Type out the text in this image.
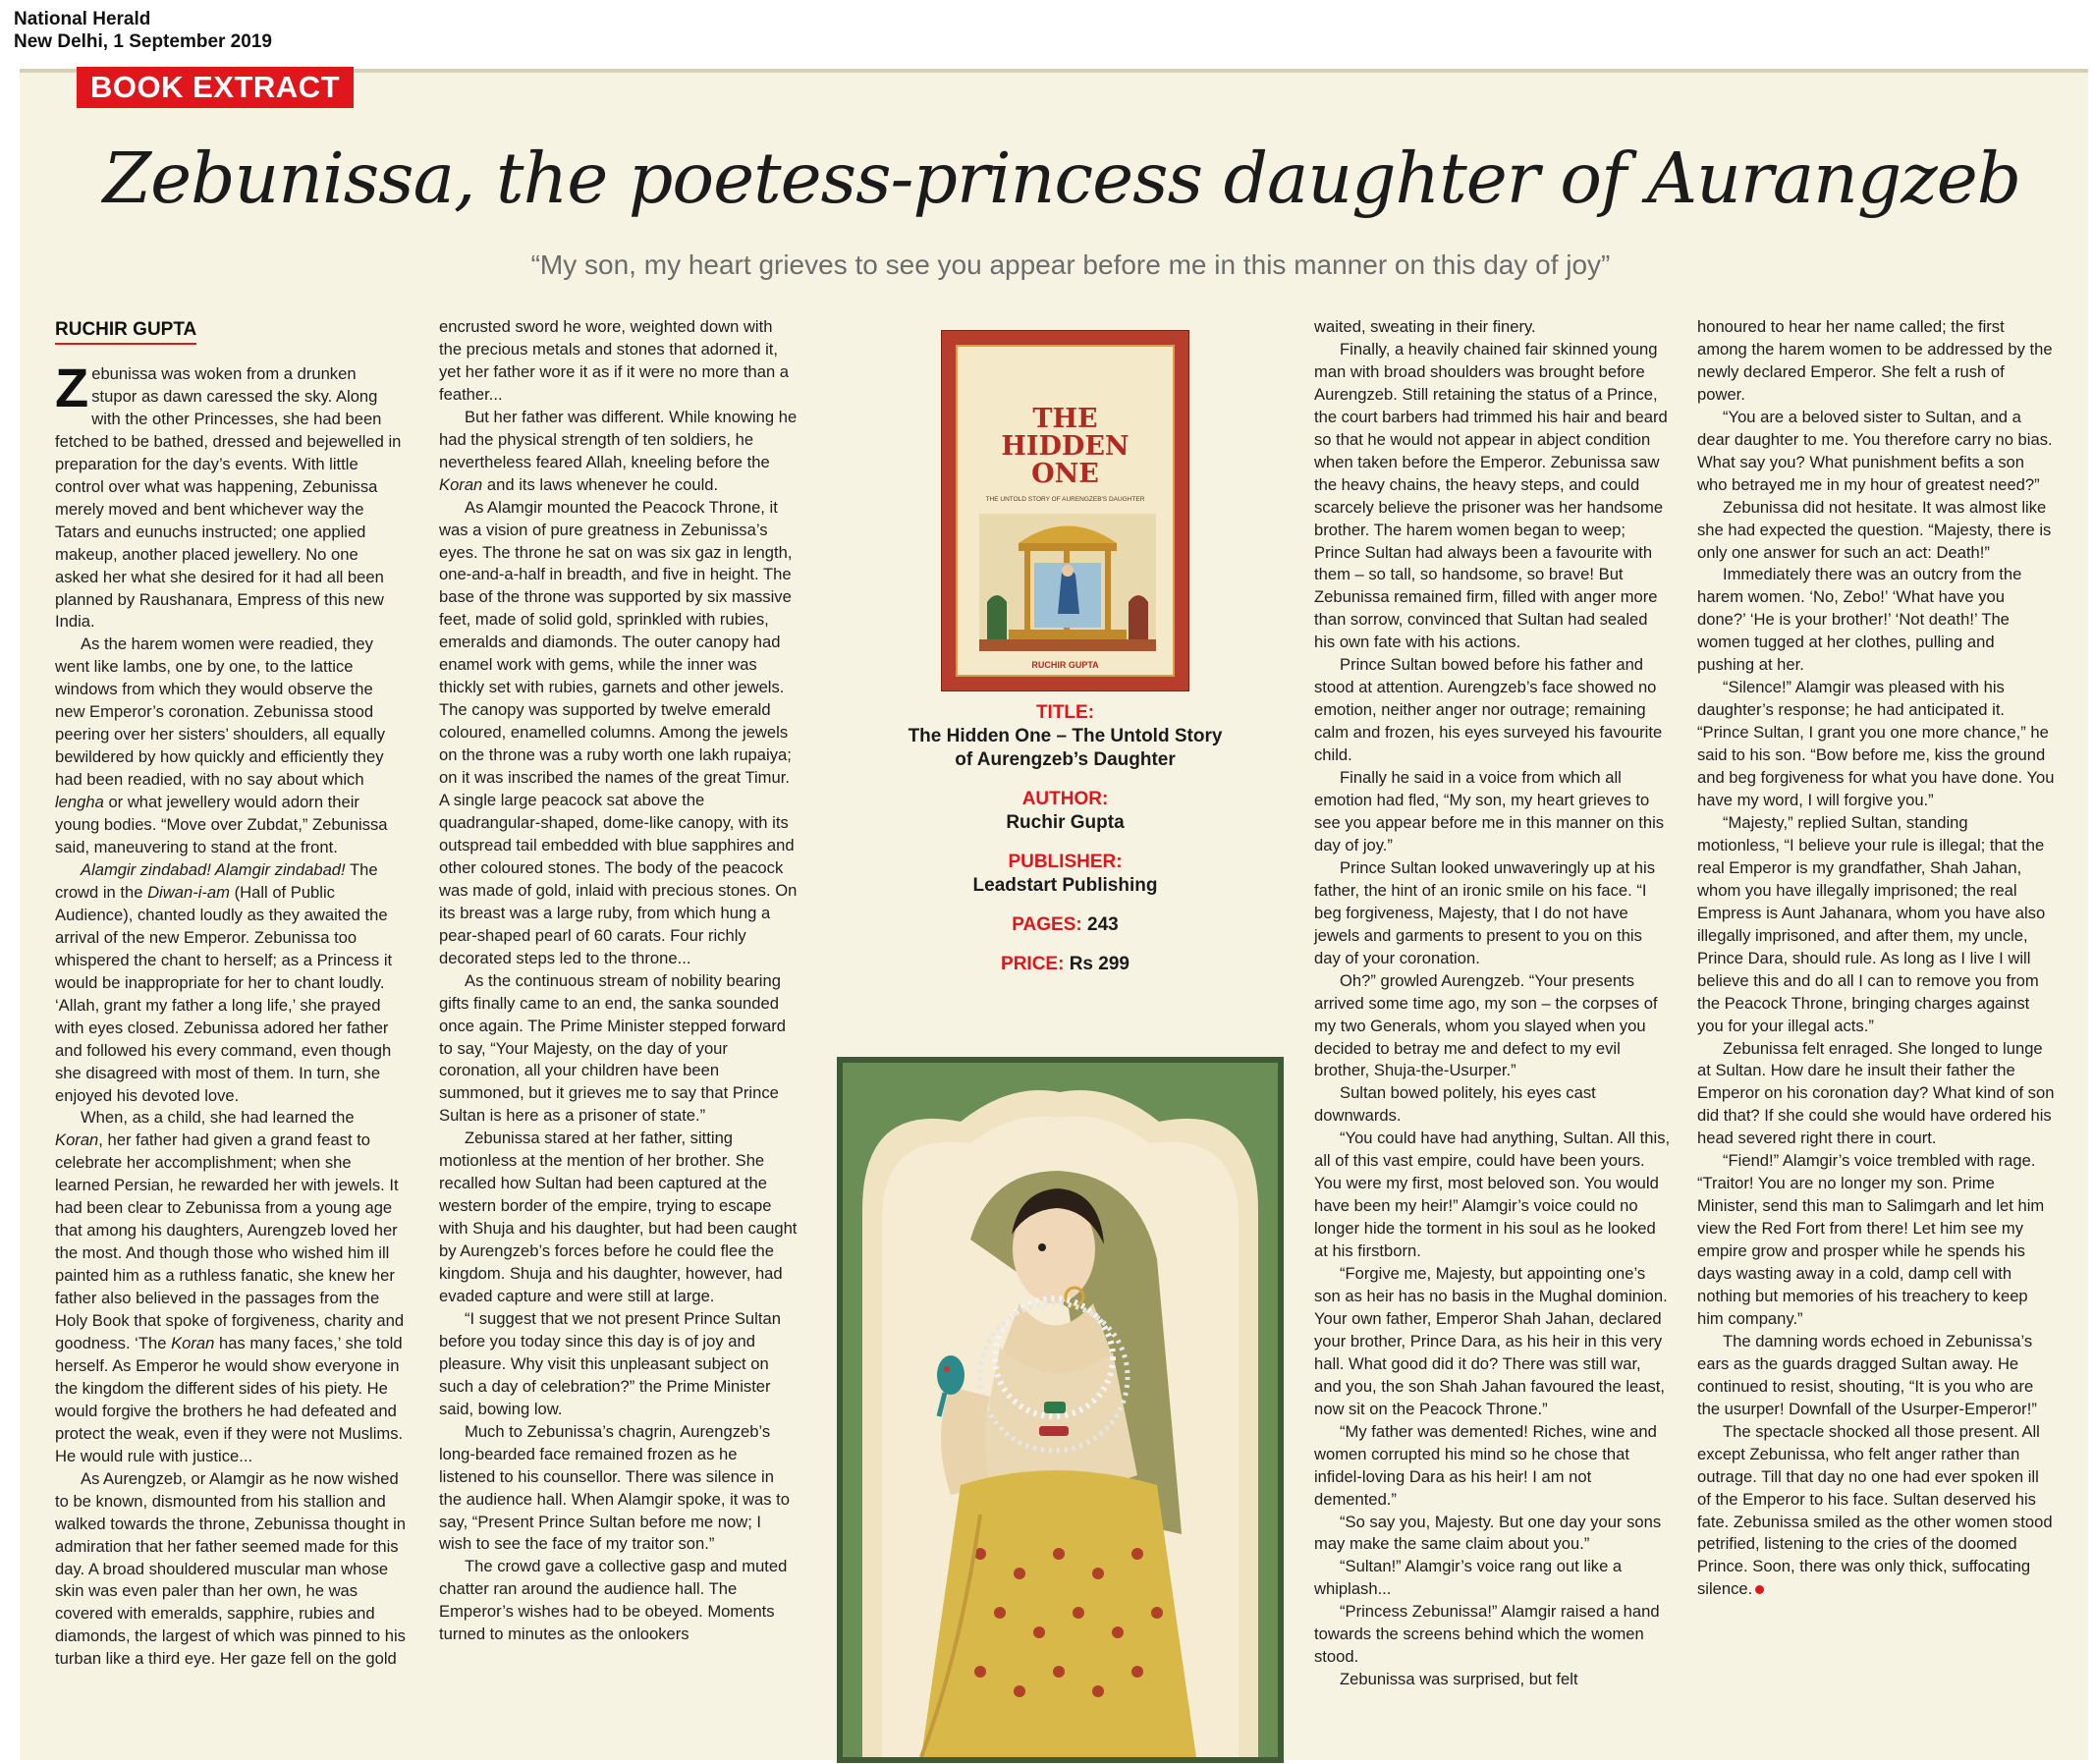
National Herald
New Delhi, 1 September 2019
BOOK EXTRACT
Zebunissa, the poetess-princess daughter of Aurangzeb
“My son, my heart grieves to see you appear before me in this manner on this day of joy”
RUCHIR GUPTA

Zebunissa was woken from a drunken stupor as dawn caressed the sky. Along with the other Princesses, she had been fetched to be bathed, dressed and bejewelled in preparation for the day’s events. With little control over what was happening, Zebunissa merely moved and bent whichever way the Tatars and eunuchs instructed; one applied makeup, another placed jewellery. No one asked her what she desired for it had all been planned by Raushanara, Empress of this new India.

As the harem women were readied, they went like lambs, one by one, to the lattice windows from which they would observe the new Emperor’s coronation. Zebunissa stood peering over her sisters’ shoulders, all equally bewildered by how quickly and efficiently they had been readied, with no say about which lengha or what jewellery would adorn their young bodies. “Move over Zubdat,” Zebunissa said, maneuvering to stand at the front.

Alamgir zindabad! Alamgir zindabad! The crowd in the Diwan-i-am (Hall of Public Audience), chanted loudly as they awaited the arrival of the new Emperor. Zebunissa too whispered the chant to herself; as a Princess it would be inappropriate for her to chant loudly. ‘Allah, grant my father a long life,’ she prayed with eyes closed. Zebunissa adored her father and followed his every command, even though she disagreed with most of them. In turn, she enjoyed his devoted love.

When, as a child, she had learned the Koran, her father had given a grand feast to celebrate her accomplishment; when she learned Persian, he rewarded her with jewels. It had been clear to Zebunissa from a young age that among his daughters, Aurengzeb loved her the most. And though those who wished him ill painted him as a ruthless fanatic, she knew her father also believed in the passages from the Holy Book that spoke of forgiveness, charity and goodness. ‘The Koran has many faces,’ she told herself. As Emperor he would show everyone in the kingdom the different sides of his piety. He would forgive the brothers he had defeated and protect the weak, even if they were not Muslims. He would rule with justice...

As Aurengzeb, or Alamgir as he now wished to be known, dismounted from his stallion and walked towards the throne, Zebunissa thought in admiration that her father seemed made for this day. A broad shouldered muscular man whose skin was even paler than her own, he was covered with emeralds, sapphire, rubies and diamonds, the largest of which was pinned to his turban like a third eye. Her gaze fell on the gold

encrusted sword he wore, weighted down with the precious metals and stones that adorned it, yet her father wore it as if it were no more than a feather...

But her father was different. While knowing he had the physical strength of ten soldiers, he nevertheless feared Allah, kneeling before the Koran and its laws whenever he could.

As Alamgir mounted the Peacock Throne, it was a vision of pure greatness in Zebunissa’s eyes. The throne he sat on was six gaz in length, one-and-a-half in breadth, and five in height. The base of the throne was supported by six massive feet, made of solid gold, sprinkled with rubies, emeralds and diamonds. The outer canopy had enamel work with gems, while the inner was thickly set with rubies, garnets and other jewels. The canopy was supported by twelve emerald coloured, enamelled columns. Among the jewels on the throne was a ruby worth one lakh rupaiya; on it was inscribed the names of the great Timur. A single large peacock sat above the quadrangular-shaped, dome-like canopy, with its outspread tail embedded with blue sapphires and other coloured stones. The body of the peacock was made of gold, inlaid with precious stones. On its breast was a large ruby, from which hung a pear-shaped pearl of 60 carats. Four richly decorated steps led to the throne...

As the continuous stream of nobility bearing gifts finally came to an end, the sanka sounded once again. The Prime Minister stepped forward to say, “Your Majesty, on the day of your coronation, all your children have been summoned, but it grieves me to say that Prince Sultan is here as a prisoner of state.”

Zebunissa stared at her father, sitting motionless at the mention of her brother. She recalled how Sultan had been captured at the western border of the empire, trying to escape with Shuja and his daughter, but had been caught by Aurengzeb’s forces before he could flee the kingdom. Shuja and his daughter, however, had evaded capture and were still at large.

“I suggest that we not present Prince Sultan before you today since this day is of joy and pleasure. Why visit this unpleasant subject on such a day of celebration?” the Prime Minister said, bowing low.

Much to Zebunissa’s chagrin, Aurengzeb’s long-bearded face remained frozen as he listened to his counsellor. There was silence in the audience hall. When Alamgir spoke, it was to say, “Present Prince Sultan before me now; I wish to see the face of my traitor son.”

The crowd gave a collective gasp and muted chatter ran around the audience hall. The Emperor’s wishes had to be obeyed. Moments turned to minutes as the onlookers

THE
HIDDEN
ONE
THE UNTOLD STORY OF AURENGZEB'S DAUGHTER
RUCHIR GUPTA
TITLE:
The Hidden One – The Untold Story of Aurengzeb’s Daughter
AUTHOR:
Ruchir Gupta
PUBLISHER:
Leadstart Publishing
PAGES: 243
PRICE: Rs 299

waited, sweating in their finery.

Finally, a heavily chained fair skinned young man with broad shoulders was brought before Aurengzeb. Still retaining the status of a Prince, the court barbers had trimmed his hair and beard so that he would not appear in abject condition when taken before the Emperor. Zebunissa saw the heavy chains, the heavy steps, and could scarcely believe the prisoner was her handsome brother. The harem women began to weep; Prince Sultan had always been a favourite with them – so tall, so handsome, so brave! But Zebunissa remained firm, filled with anger more than sorrow, convinced that Sultan had sealed his own fate with his actions.

Prince Sultan bowed before his father and stood at attention. Aurengzeb’s face showed no emotion, neither anger nor outrage; remaining calm and frozen, his eyes surveyed his favourite child.

Finally he said in a voice from which all emotion had fled, “My son, my heart grieves to see you appear before me in this manner on this day of joy.”

Prince Sultan looked unwaveringly up at his father, the hint of an ironic smile on his face. “I beg forgiveness, Majesty, that I do not have jewels and garments to present to you on this day of your coronation.

Oh?” growled Aurengzeb. “Your presents arrived some time ago, my son – the corpses of my two Generals, whom you slayed when you decided to betray me and defect to my evil brother, Shuja-the-Usurper.”

Sultan bowed politely, his eyes cast downwards.

“You could have had anything, Sultan. All this, all of this vast empire, could have been yours. You were my first, most beloved son. You would have been my heir!” Alamgir’s voice could no longer hide the torment in his soul as he looked at his firstborn.

“Forgive me, Majesty, but appointing one’s son as heir has no basis in the Mughal dominion. Your own father, Emperor Shah Jahan, declared your brother, Prince Dara, as his heir in this very hall. What good did it do? There was still war, and you, the son Shah Jahan favoured the least, now sit on the Peacock Throne.”

“My father was demented! Riches, wine and women corrupted his mind so he chose that infidel-loving Dara as his heir! I am not demented.”

“So say you, Majesty. But one day your sons may make the same claim about you.”

“Sultan!” Alamgir’s voice rang out like a whiplash...

“Princess Zebunissa!” Alamgir raised a hand towards the screens behind which the women stood.

Zebunissa was surprised, but felt

honoured to hear her name called; the first among the harem women to be addressed by the newly declared Emperor. She felt a rush of power.

“You are a beloved sister to Sultan, and a dear daughter to me. You therefore carry no bias. What say you? What punishment befits a son who betrayed me in my hour of greatest need?”

Zebunissa did not hesitate. It was almost like she had expected the question. “Majesty, there is only one answer for such an act: Death!”

Immediately there was an outcry from the harem women. ‘No, Zebo!’ ‘What have you done?’ ‘He is your brother!’ ‘Not death!’ The women tugged at her clothes, pulling and pushing at her.

“Silence!” Alamgir was pleased with his daughter’s response; he had anticipated it. “Prince Sultan, I grant you one more chance,” he said to his son. “Bow before me, kiss the ground and beg forgiveness for what you have done. You have my word, I will forgive you.”

“Majesty,” replied Sultan, standing motionless, “I believe your rule is illegal; that the real Emperor is my grandfather, Shah Jahan, whom you have illegally imprisoned; the real Empress is Aunt Jahanara, whom you have also illegally imprisoned, and after them, my uncle, Prince Dara, should rule. As long as I live I will believe this and do all I can to remove you from the Peacock Throne, bringing charges against you for your illegal acts.”

Zebunissa felt enraged. She longed to lunge at Sultan. How dare he insult their father the Emperor on his coronation day? What kind of son did that? If she could she would have ordered his head severed right there in court.

“Fiend!” Alamgir’s voice trembled with rage. “Traitor! You are no longer my son. Prime Minister, send this man to Salimgarh and let him view the Red Fort from there! Let him see my empire grow and prosper while he spends his days wasting away in a cold, damp cell with nothing but memories of his treachery to keep him company.”

The damning words echoed in Zebunissa’s ears as the guards dragged Sultan away. He continued to resist, shouting, “It is you who are the usurper! Downfall of the Usurper-Emperor!”

The spectacle shocked all those present. All except Zebunissa, who felt anger rather than outrage. Till that day no one had ever spoken ill of the Emperor to his face. Sultan deserved his fate. Zebunissa smiled as the other women stood petrified, listening to the cries of the doomed Prince. Soon, there was only thick, suffocating silence.
